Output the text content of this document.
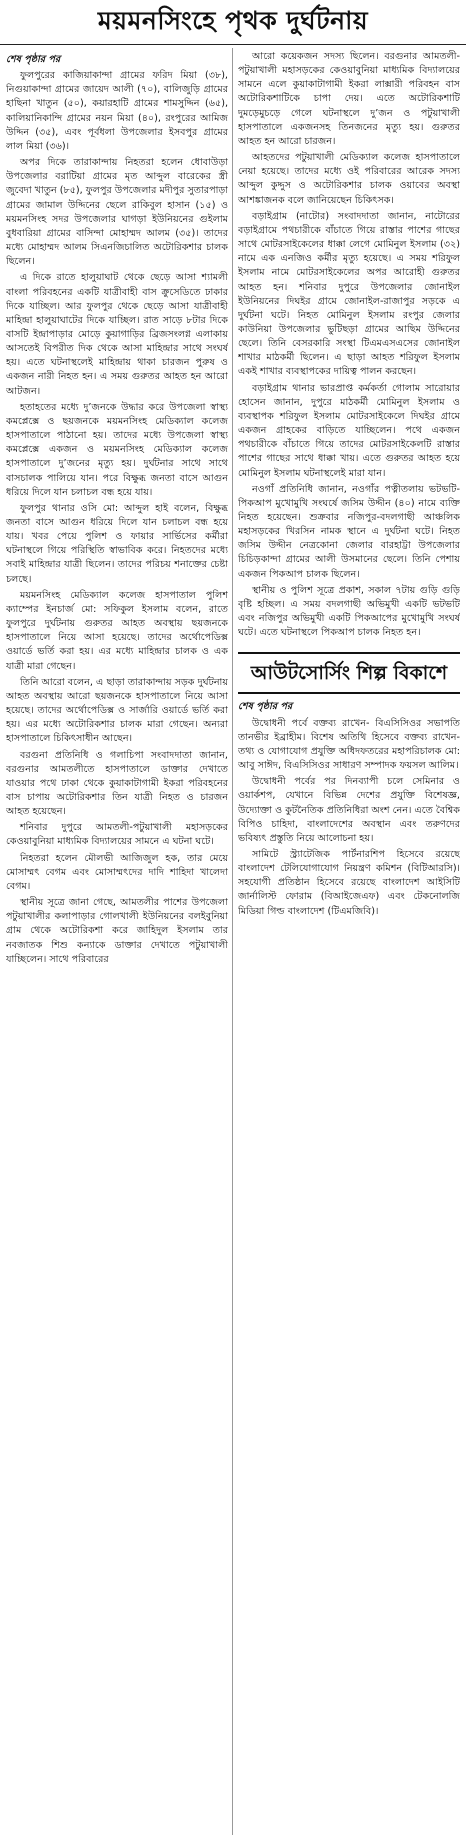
ময়মনসিংহে পৃথক দুর্ঘটনায়
শেষ পৃষ্ঠার পর

ফুলপুরের কাজিয়াকান্দা গ্রামের ফরিদ মিয়া (৩৮), নিগুয়াকান্দা গ্রামের জায়েদ আলী (৭০), বালিজুড়ি গ্রামের হাছিনা খাতুন (৫০), কয়ারহাটি গ্রামের শামসুদ্দিন (৬৫), কালিয়ানিকান্দি গ্রামের নয়ন মিয়া (৪০), রংপুরের আমিজ উদ্দিন (৩৫), এবং পূর্বধলা উপজেলার ইসবপুর গ্রামের লাল মিয়া (৩৬)।

অপর দিকে তারাকান্দায় নিহতরা হলেন ধোবাউড়া উপজেলার বরাটিয়া গ্রামের মৃত আব্দুল বারেকের স্ত্রী জুবেদা খাতুন (৮৫), ফুলপুর উপজেলার মদীপুর সুতারপাড়া গ্রামের জামাল উদ্দিনের ছেলে রাকিবুল হাসান (১৫) ও ময়মনসিংহ সদর উপজেলার ঘাগড়া ইউনিয়নের গুইলাম বুধবারিয়া গ্রামের বাসিন্দা মোহাম্মদ আলম (৩৫)। তাদের মধ্যে মোহাম্মদ আলম সিএনজিচালিত অটোরিকশার চালক ছিলেন।

এ দিকে রাতে হালুয়াঘাট থেকে ছেড়ে আসা শ্যামলী বাংলা পরিবহনের একটি যাত্রীবাহী বাস ক্রুসেডিতে ঢাকার দিকে যাচ্ছিল। আর ফুলপুর থেকে ছেড়ে আসা যাত্রীবাহী মাহিন্দ্রা হালুয়াঘাটের দিকে যাচ্ছিল। রাত সাড়ে ৮টার দিকে বাসটি ইন্দ্রাপাড়ার মোড়ে কুয়াগাড়ির ব্রিজসংলগ্ন এলাকায় আসতেই বিপরীত দিক থেকে আসা মাহিন্দ্রার সাথে সংঘর্ষ হয়। এতে ঘটনাস্থলেই মাহিন্দ্রায় থাকা চারজন পুরুষ ও একজন নারী নিহত হন। এ সময় গুরুতর আহত হন আরো আটজন।

হতাহতের মধ্যে দু’জনকে উদ্ধার করে উপজেলা স্বাস্থ্য কমপ্লেক্সে ও ছয়জনকে ময়মনসিংহ মেডিক্যাল কলেজ হাসপাতালে পাঠানো হয়। তাদের মধ্যে উপজেলা স্বাস্থ্য কমপ্লেক্সে একজন ও ময়মনসিংহ মেডিক্যাল কলেজ হাসপাতালে দু’জনের মৃত্যু হয়। দুর্ঘটনার সাথে সাথে বাসচালক পালিয়ে যান। পরে বিক্ষুব্ধ জনতা বাসে আগুন ধরিয়ে দিলে যান চলাচল বন্ধ হয়ে যায়।

ফুলপুর থানার ওসি মো: আব্দুল হাই বলেন, বিক্ষুব্ধ জনতা বাসে আগুন ধরিয়ে দিলে যান চলাচল বন্ধ হয়ে যায়। খবর পেয়ে পুলিশ ও ফায়ার সার্ভিসের কর্মীরা ঘটনাস্থলে গিয়ে পরিস্থিতি স্বাভাবিক করে। নিহতদের মধ্যে সবাই মাহিন্দ্রার যাত্রী ছিলেন। তাদের পরিচয় শনাক্তের চেষ্টা চলছে।

ময়মনসিংহ মেডিক্যাল কলেজ হাসপাতাল পুলিশ ক্যাম্পের ইনচার্জ মো: সফিকুল ইসলাম বলেন, রাতে ফুলপুরে দুর্ঘটনায় গুরুতর আহত অবস্থায় ছয়জনকে হাসপাতালে নিয়ে আসা হয়েছে। তাদের অর্থোপেডিক্স ওয়ার্ডে ভর্তি করা হয়। এর মধ্যে মাহিন্দ্রার চালক ও এক যাত্রী মারা গেছেন।

তিনি আরো বলেন, এ ছাড়া তারাকান্দায় সড়ক দুর্ঘটনায় আহত অবস্থায় আরো ছয়জনকে হাসপাতালে নিয়ে আসা হয়েছে। তাদের অর্থোপেডিক্স ও সার্জারি ওয়ার্ডে ভর্তি করা হয়। এর মধ্যে অটোরিকশার চালক মারা গেছেন। অন্যরা হাসপাতালে চিকিৎসাধীন আছেন।

বরগুনা প্রতিনিধি ও গলাচিপা সংবাদদাতা জানান, বরগুনার আমতলীতে হাসপাতালে ডাক্তার দেখাতে যাওয়ার পথে ঢাকা থেকে কুয়াকাটাগামী ইকরা পরিবহনের বাস চাপায় অটোরিকশার তিন যাত্রী নিহত ও চারজন আহত হয়েছেন।

শনিবার দুপুরে আমতলী-পটুয়াখালী মহাসড়কের কেওয়াবুনিয়া মাধ্যমিক বিদ্যালয়ের সামনে এ ঘটনা ঘটে।

নিহতরা হলেন মৌলভী আজিজুল হক, তার মেয়ে মোসাম্মৎ বেগম এবং মোসাম্মৎদের দাদি শাহিদা খালেদা বেগম।

স্থানীয় সূত্রে জানা গেছে, আমতলীর পাশের উপজেলা পটুয়াখালীর কলাপাড়ার গোলখালী ইউনিয়নের বলইবুনিয়া গ্রাম থেকে অটোরিকশা করে জাহিদুল ইসলাম তার নবজাতক শিশু কন্যাকে ডাক্তার দেখাতে পটুয়াখালী যাচ্ছিলেন। সাথে পরিবারের

আরো কয়েকজন সদস্য ছিলেন। বরগুনার আমতলী-পটুয়াখালী মহাসড়কের কেওয়াবুনিয়া মাধ্যমিক বিদ্যালয়ের সামনে এলে কুয়াকাটাগামী ইকরা লাক্সারী পরিবহন বাস অটোরিকশাটিকে চাপা দেয়। এতে অটোরিকশাটি দুমড়েমুচড়ে গেলে ঘটনাস্থলে দু’জন ও পটুয়াখালী হাসপাতালে একজনসহ তিনজনের মৃত্যু হয়। গুরুতর আহত হন আরো চারজন।

আহতদের পটুয়াখালী মেডিক্যাল কলেজ হাসপাতালে নেয়া হয়েছে। তাদের মধ্যে ওই পরিবারের আরেক সদস্য আব্দুল কুদ্দুস ও অটোরিকশার চালক ওয়াবের অবস্থা আশঙ্কাজনক বলে জানিয়েছেন চিকিৎসক।

বড়াইগ্রাম (নাটোর) সংবাদদাতা জানান, নাটোরের বড়াইগ্রামে পথচারীকে বাঁচাতে গিয়ে রাস্তার পাশের গাছের সাথে মোটরসাইকেলের ধাক্কা লেগে মোমিনুল ইসলাম (৩২) নামে এক এনজিও কর্মীর মৃত্যু হয়েছে। এ সময় শরিফুল ইসলাম নামে মোটরসাইকেলের অপর আরোহী গুরুতর আহত হন। শনিবার দুপুরে উপজেলার জোনাইল ইউনিয়নের দিঘইর গ্রামে জোনাইল-রাজাপুর সড়কে এ দুর্ঘটনা ঘটে। নিহত মোমিনুল ইসলাম রংপুর জেলার কাউনিয়া উপজেলার ভুটিছড়া গ্রামের আছিম উদ্দিনের ছেলে। তিনি বেসরকারি সংস্থা টিএমএসএসের জোনাইল শাখার মাঠকর্মী ছিলেন। এ ছাড়া আহত শরিফুল ইসলাম একই শাখার ব্যবস্থাপকের দায়িত্ব পালন করছেন।

বড়াইগ্রাম থানার ভারপ্রাপ্ত কর্মকর্তা গোলাম সারোয়ার হোসেন জানান, দুপুরে মাঠকর্মী মোমিনুল ইসলাম ও ব্যবস্থাপক শরিফুল ইসলাম মোটরসাইকেলে দিঘইর গ্রামে একজন গ্রাহকের বাড়িতে যাচ্ছিলেন। পথে একজন পথচারীকে বাঁচাতে গিয়ে তাদের মোটরসাইকেলটি রাস্তার পাশের গাছের সাথে ধাক্কা খায়। এতে গুরুতর আহত হয়ে মোমিনুল ইসলাম ঘটনাস্থলেই মারা যান।

নওগাঁ প্রতিনিধি জানান, নওগাঁর পত্নীতলায় ভটভটি-পিকআপ মুখোমুখি সংঘর্ষে জসিম উদ্দীন (৪০) নামে ব্যক্তি নিহত হয়েছেন। শুক্রবার নজিপুর-বদলগাছী আঞ্চলিক মহাসড়কের খিরসিন নামক স্থানে এ দুর্ঘটনা ঘটে। নিহত জসিম উদ্দীন নেত্রকোনা জেলার বারহাট্টা উপজেলার চিচিড়কান্দা গ্রামের আলী উসমানের ছেলে। তিনি পেশায় একজন পিকআপ চালক ছিলেন।

স্থানীয় ও পুলিশ সূত্রে প্রকাশ, সকাল ৭টায় গুড়ি গুড়ি বৃষ্টি হচ্ছিল। এ সময় বদলগাছী অভিমুখী একটি ভটভটি এবং নজিপুর অভিমুখী একটি পিকআপের মুখোমুখি সংঘর্ষ ঘটে। এতে ঘটনাস্থলে পিকআপ চালক নিহত হন।

আউটসোর্সিং শিল্প বিকাশে
শেষ পৃষ্ঠার পর

উদ্বোধনী পর্বে বক্তব্য রাখেন- বিএসিসিওর সভাপতি তানভীর ইব্রাহীম। বিশেষ অতিথি হিসেবে বক্তব্য রাখেন- তথ্য ও যোগাযোগ প্রযুক্তি অধিদফতরের মহাপরিচালক মো: আবু সাঈদ, বিএসিসিওর সাধারণ সম্পাদক ফয়সল আলিম।

উদ্বোধনী পর্বের পর দিনব্যাপী চলে সেমিনার ও ওয়ার্কশপ, যেখানে বিভিন্ন দেশের প্রযুক্তি বিশেষজ্ঞ, উদ্যোক্তা ও কুটনৈতিক প্রতিনিধিরা অংশ নেন। এতে বৈশ্বিক বিপিও চাহিদা, বাংলাদেশের অবস্থান এবং তরুণদের ভবিষ্যৎ প্রস্তুতি নিয়ে আলোচনা হয়।

সামিটে স্ট্র্যাটেজিক পার্টনারশিপ হিসেবে রয়েছে বাংলাদেশ টেলিযোগাযোগ নিয়ন্ত্রণ কমিশন (বিটিআরসি)। সহযোগী প্রতিষ্ঠান হিসেবে রয়েছে বাংলাদেশ আইসিটি জার্নালিস্ট ফোরাম (বিআইজেএফ) এবং টেকনোলজি মিডিয়া গিল্ড বাংলাদেশ (টিএমজিবি)।
